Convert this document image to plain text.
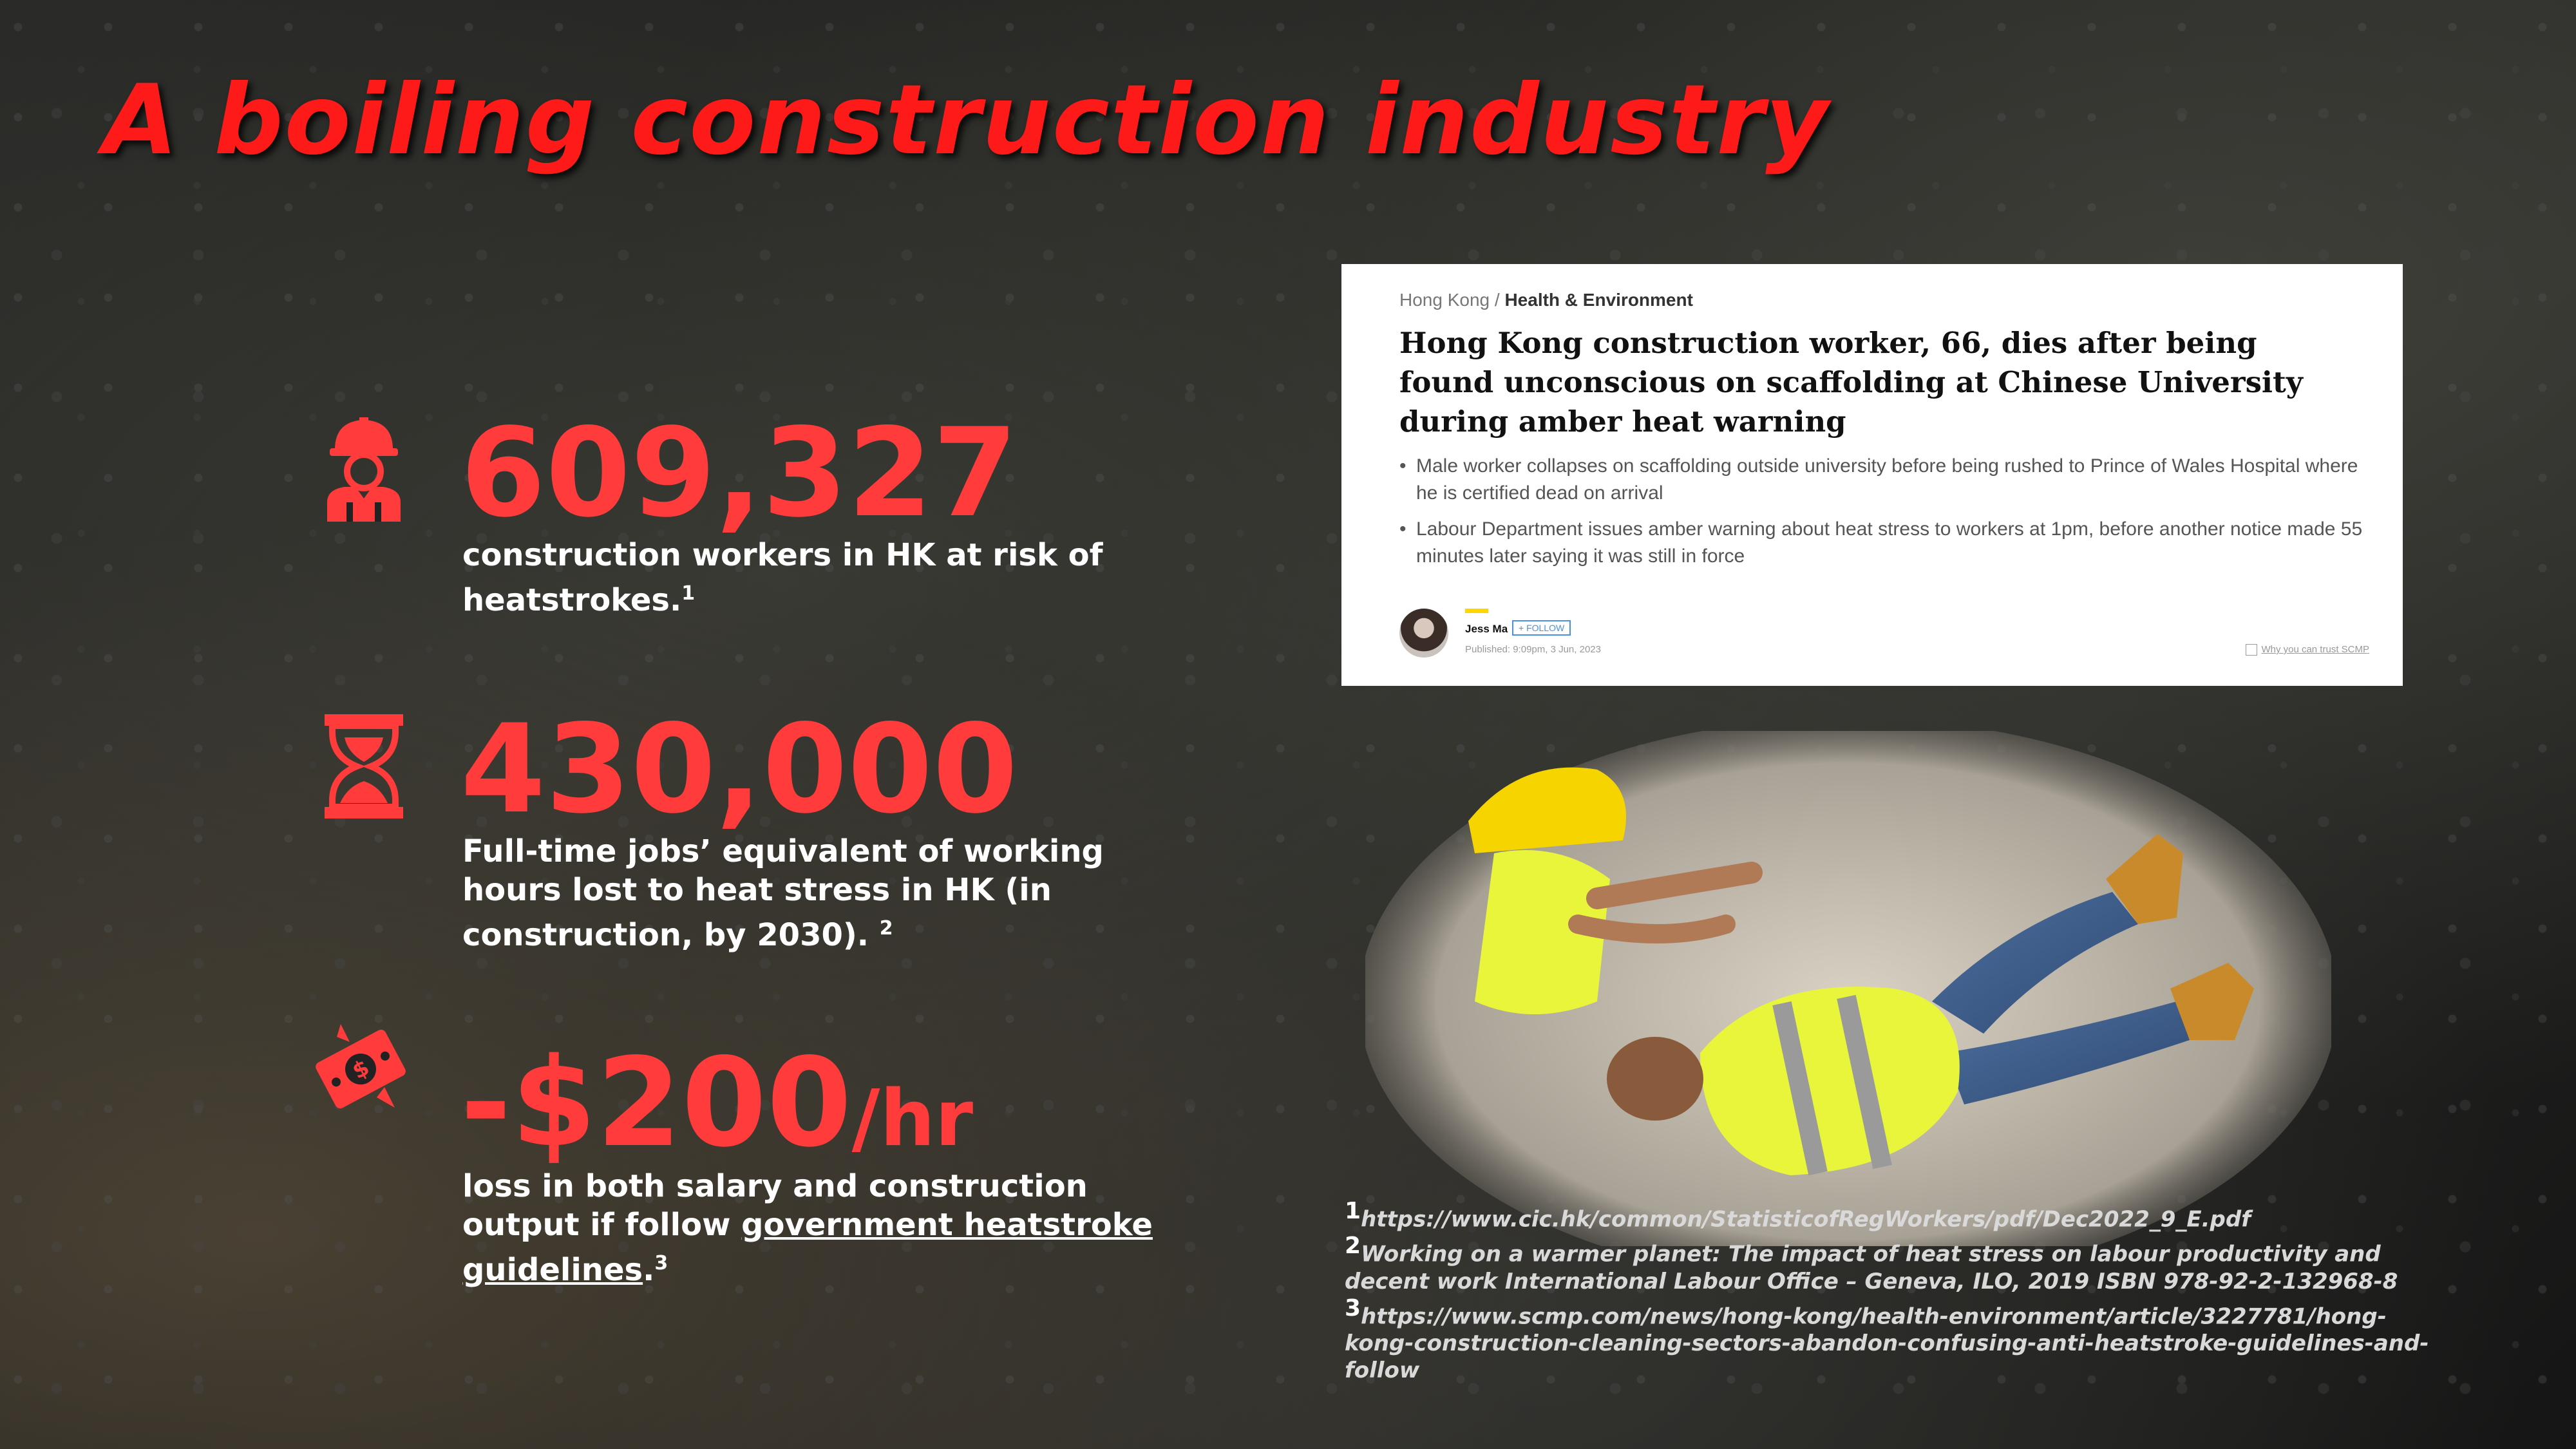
A boiling construction industry
609,327
construction workers in HK at risk of heatstrokes.$^1$
430,000
Full-time jobs’ equivalent of working hours lost to heat stress in HK (in construction, by 2030). $^2$
$ -$200/hr
loss in both salary and construction output if follow government heatstroke guidelines.$^3$
Hong Kong / Health & Environment
Hong Kong construction worker, 66, dies after being found unconscious on scaffolding at Chinese University during amber heat warning
• Male worker collapses on scaffolding outside university before being rushed to Prince of Wales Hospital where he is certified dead on arrival
• Labour Department issues amber warning about heat stress to workers at 1pm, before another notice made 55 minutes later saying it was still in force
Jess Ma	+ FOLLOW
Published: 9:09pm, 3 Jun, 2023	Why you can trust SCMP
$^1$https://www.cic.hk/common/StatisticofRegWorkers/pdf/Dec2022_9_E.pdf
$^2$Working on a warmer planet: The impact of heat stress on labour productivity and decent work International Labour Office – Geneva, ILO, 2019 ISBN 978-92-2-132968-8
$^3$https://www.scmp.com/news/hong-kong/health-environment/article/3227781/hong-kong-construction-cleaning-sectors-abandon-confusing-anti-heatstroke-guidelines-and-follow
